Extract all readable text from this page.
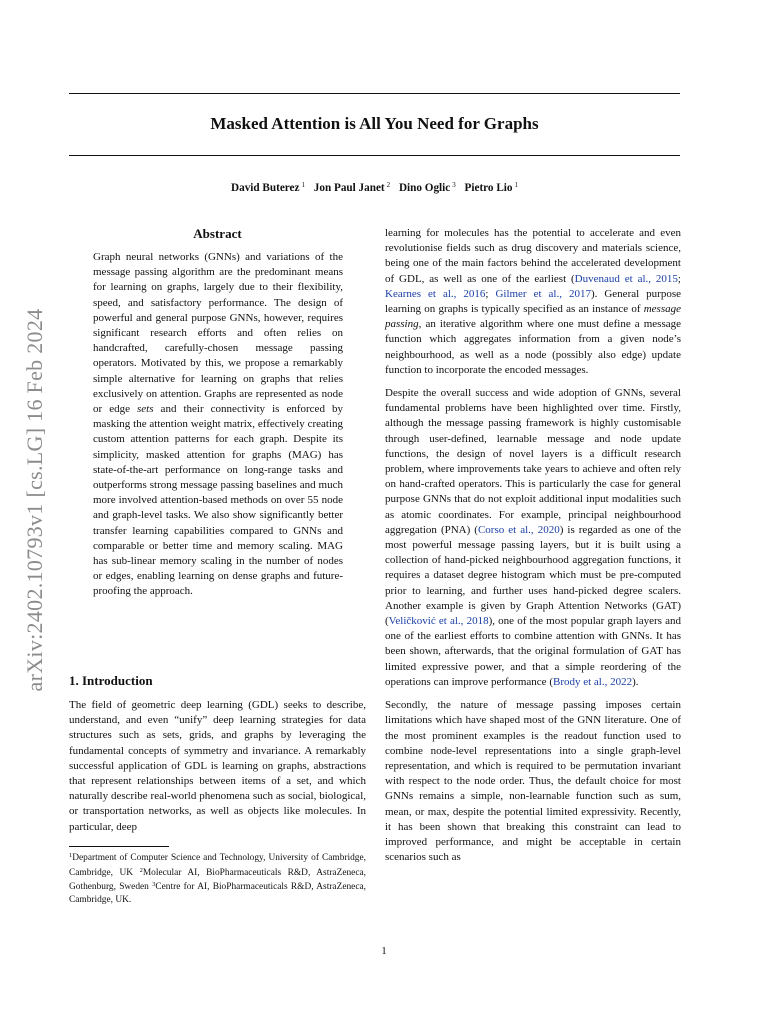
Masked Attention is All You Need for Graphs
David Buterez $^1$ Jon Paul Janet $^2$ Dino Oglic $^3$ Pietro Lio $^1$
arXiv:2402.10793v1 [cs.LG] 16 Feb 2024
Abstract

Graph neural networks (GNNs) and variations of the message passing algorithm are the predominant means for learning on graphs, largely due to their flexibility, speed, and satisfactory performance. The design of powerful and general purpose GNNs, however, requires significant research efforts and often relies on handcrafted, carefully-chosen message passing operators. Motivated by this, we propose a remarkably simple alternative for learning on graphs that relies exclusively on attention. Graphs are represented as node or edge sets and their connectivity is enforced by masking the attention weight matrix, effectively creating custom attention patterns for each graph. Despite its simplicity, masked attention for graphs (MAG) has state-of-the-art performance on long-range tasks and outperforms strong message passing baselines and much more involved attention-based methods on over 55 node and graph-level tasks. We also show significantly better transfer learning capabilities compared to GNNs and comparable or better time and memory scaling. MAG has sub-linear memory scaling in the number of nodes or edges, enabling learning on dense graphs and future-proofing the approach.

1. Introduction

The field of geometric deep learning (GDL) seeks to describe, understand, and even “unify” deep learning strategies for data structures such as sets, grids, and graphs by leveraging the fundamental concepts of symmetry and invariance. A remarkably successful application of GDL is learning on graphs, abstractions that represent relationships between items of a set, and which naturally describe real-world phenomena such as social, biological, or transportation networks, as well as objects like molecules. In particular, deep

$^1$Department of Computer Science and Technology, University of Cambridge, Cambridge, UK $^2$Molecular AI, BioPharmaceuticals R&D, AstraZeneca, Gothenburg, Sweden $^3$Centre for AI, BioPharmaceuticals R&D, AstraZeneca, Cambridge, UK.

learning for molecules has the potential to accelerate and even revolutionise fields such as drug discovery and materials science, being one of the main factors behind the accelerated development of GDL, as well as one of the earliest (Duvenaud et al., 2015; Kearnes et al., 2016; Gilmer et al., 2017). General purpose learning on graphs is typically specified as an instance of message passing, an iterative algorithm where one must define a message function which aggregates information from a given node’s neighbourhood, as well as a node (possibly also edge) update function to incorporate the encoded messages.

Despite the overall success and wide adoption of GNNs, several fundamental problems have been highlighted over time. Firstly, although the message passing framework is highly customisable through user-defined, learnable message and node update functions, the design of novel layers is a difficult research problem, where improvements take years to achieve and often rely on hand-crafted operators. This is particularly the case for general purpose GNNs that do not exploit additional input modalities such as atomic coordinates. For example, principal neighbourhood aggregation (PNA) (Corso et al., 2020) is regarded as one of the most powerful message passing layers, but it is built using a collection of hand-picked neighbourhood aggregation functions, it requires a dataset degree histogram which must be pre-computed prior to learning, and further uses hand-picked degree scalers. Another example is given by Graph Attention Networks (GAT) (Veličković et al., 2018), one of the most popular graph layers and one of the earliest efforts to combine attention with GNNs. It has been shown, afterwards, that the original formulation of GAT has limited expressive power, and that a simple reordering of the operations can improve performance (Brody et al., 2022).

Secondly, the nature of message passing imposes certain limitations which have shaped most of the GNN literature. One of the most prominent examples is the readout function used to combine node-level representations into a single graph-level representation, and which is required to be permutation invariant with respect to the node order. Thus, the default choice for most GNNs remains a simple, non-learnable function such as sum, mean, or max, despite the potential limited expressivity. Recently, it has been shown that breaking this constraint can lead to improved performance, and might be acceptable in certain scenarios such as

1
